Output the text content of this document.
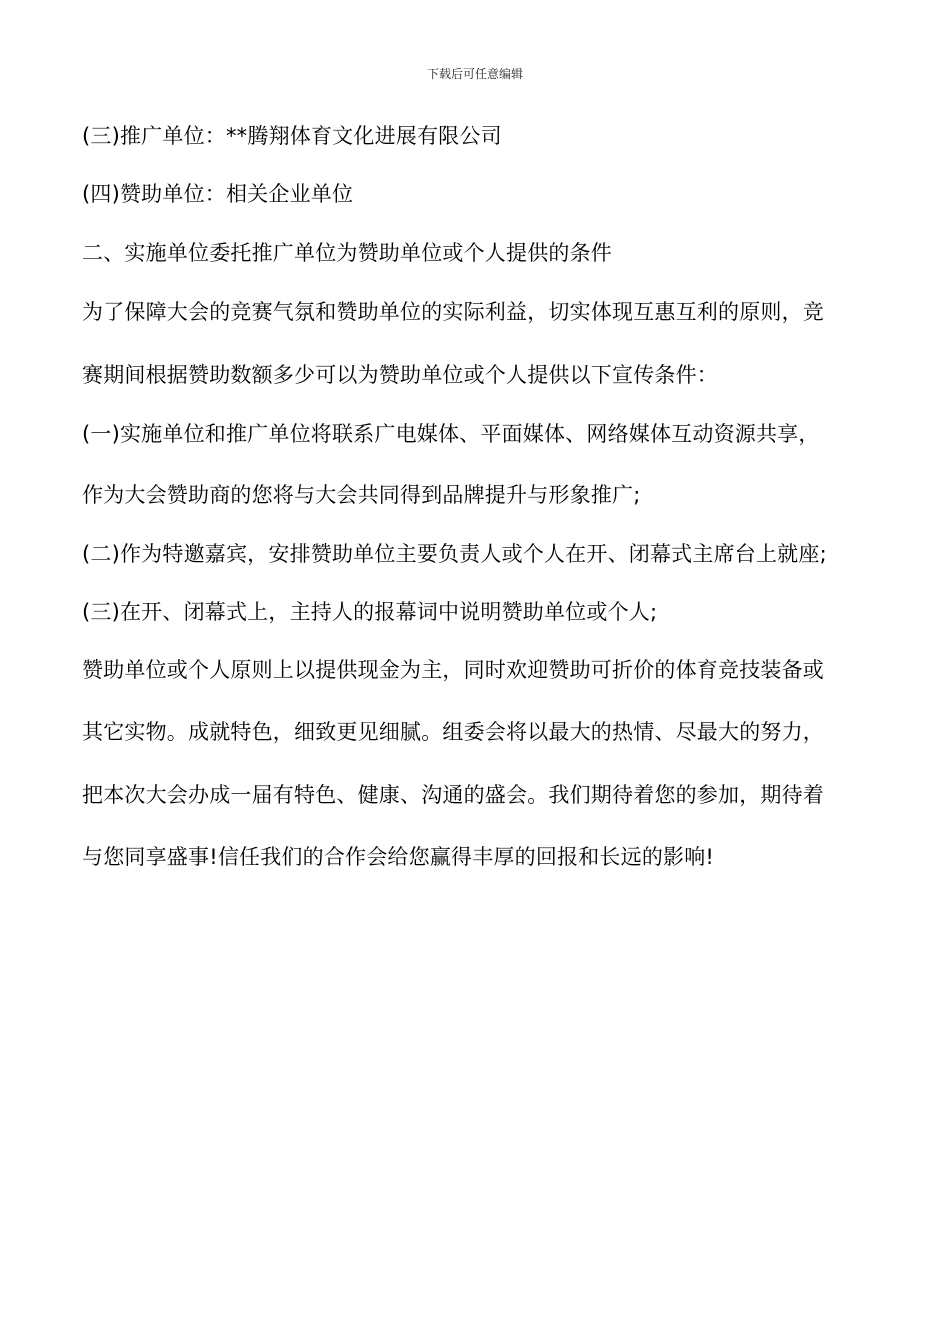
下载后可任意编辑
(三)推广单位：**腾翔体育文化进展有限公司
(四)赞助单位：相关企业单位
二、实施单位委托推广单位为赞助单位或个人提供的条件
为了保障大会的竞赛气氛和赞助单位的实际利益，切实体现互惠互利的原则，竞
赛期间根据赞助数额多少可以为赞助单位或个人提供以下宣传条件：
(一)实施单位和推广单位将联系广电媒体、平面媒体、网络媒体互动资源共享，
作为大会赞助商的您将与大会共同得到品牌提升与形象推广;
(二)作为特邀嘉宾，安排赞助单位主要负责人或个人在开、闭幕式主席台上就座;
(三)在开、闭幕式上，主持人的报幕词中说明赞助单位或个人;
赞助单位或个人原则上以提供现金为主，同时欢迎赞助可折价的体育竞技装备或
其它实物。成就特色，细致更见细腻。组委会将以最大的热情、尽最大的努力，
把本次大会办成一届有特色、健康、沟通的盛会。我们期待着您的参加，期待着
与您同享盛事!信任我们的合作会给您赢得丰厚的回报和长远的影响!
